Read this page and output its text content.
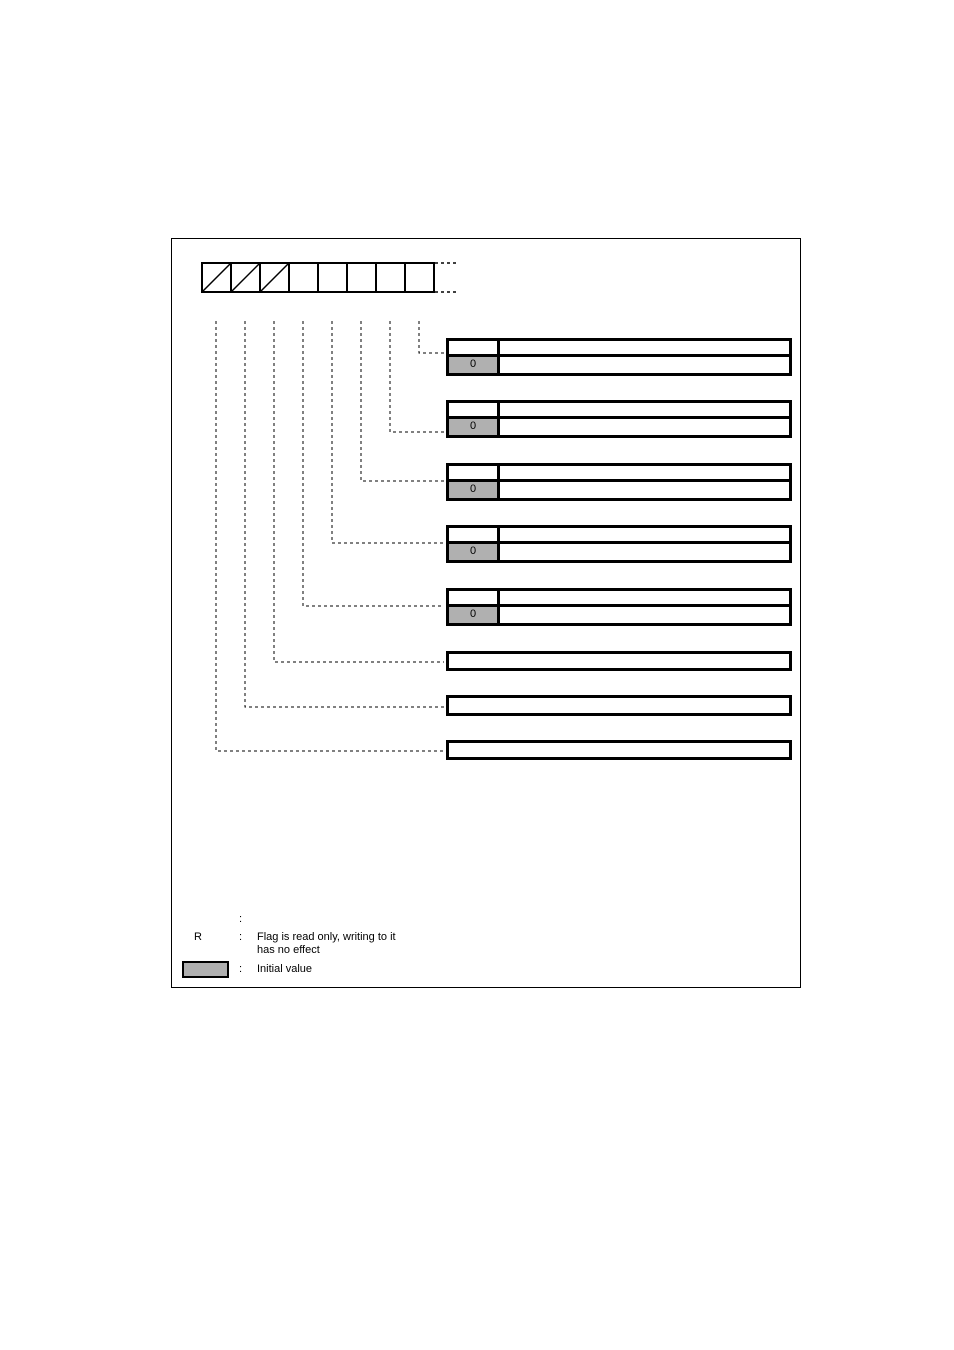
0
0
0
0
0
:
R	: Flag is read only, writing to it
has no effect
: Initial value
